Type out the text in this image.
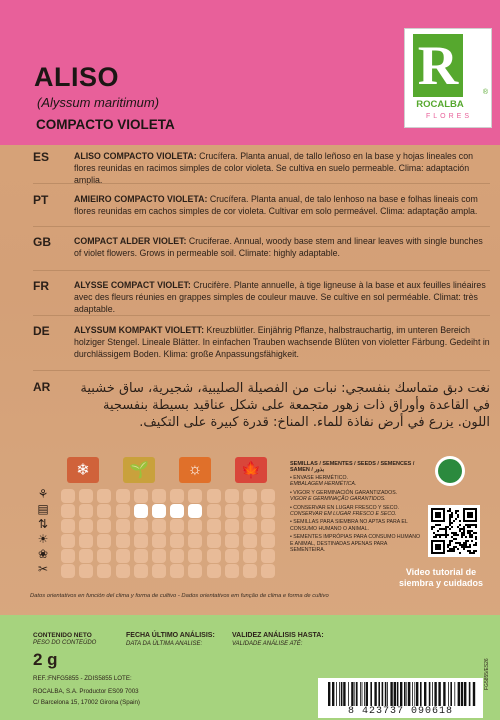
ALISO
(Alyssum maritimum)
COMPACTO VIOLETA
R	®
ROCALBA
FLORES
ES	ALISO COMPACTO VIOLETA: Crucífera. Planta anual, de tallo leñoso en la base y hojas lineales con flores reunidas en racimos simples de color violeta. Se cultiva en suelo permeable. Clima: adaptación amplia.
PT	AMIEIRO COMPACTO VIOLETA: Crucífera. Planta anual, de talo lenhoso na base e folhas lineais com flores reunidas em cachos simples de cor violeta. Cultivar em solo permeável. Clima: adaptação ampla.
GB	COMPACT ALDER VIOLET: Cruciferae. Annual, woody base stem and linear leaves with single bunches of violet flowers. Grows in permeable soil. Climate: highly adaptable.
FR	ALYSSE COMPACT VIOLET: Crucifère. Plante annuelle, à tige ligneuse à la base et aux feuilles linéaires avec des fleurs réunies en grappes simples de couleur mauve. Se cultive en sol perméable. Climat: très adaptable.
DE	ALYSSUM KOMPAKT VIOLETT: Kreuzblütler. Einjährig Pflanze, halbstrauchartig, im unteren Bereich holziger Stengel. Lineale Blätter. In einfachen Trauben wachsende Blüten von violetter Färbung. Gedeiht in durchlässigem Boden. Klima: große Anpassungsfähigkeit.
AR	نغت دبق متماسك بنفسجي: نبات من الفصيلة الصليبية، شجيرية، ساق خشبية في القاعدة وأوراق ذات زهور متجمعة على شكل عناقيد بسيطة بنفسجية اللون. يزرع في أرض نفاذة للماء. المناخ: قدرة كبيرة على التكيف.
❄	🌱	☼	🍁
⚘
▤
⇅
☀
❀
✂
SEMILLAS / SEMENTES / SEEDS / SEMENCES / SAMEN / بذور
• ENVASE HERMÉTICO.
EMBALAGEM HERMÉTICA.
• VIGOR Y GERMINACIÓN GARANTIZADOS.
VIGOR E GERMINAÇÃO GARANTIDOS.
• CONSERVAR EN LUGAR FRESCO Y SECO.
CONSERVAR EM LUGAR FRESCO E SECO.
• SEMILLAS PARA SIEMBRA NO APTAS PARA EL CONSUMO HUMANO O ANIMAL.
• SEMENTES IMPRÓPIAS PARA CONSUMO HUMANO E ANIMAL, DESTINADAS APENAS PARA SEMENTEIRA.
Video tutorial de
siembra y cuidados
Datos orientativos en función del clima y forma de cultivo - Dados orientativos em função de clima e forma de cultivo
CONTENIDO NETO
PESO DO CONTEÚDO
2 g
FECHA ÚLTIMO ANÁLISIS:
DATA DA ÚLTIMA ANALISE:
VALIDEZ ANÁLISIS HASTA:
VALIDADE ANÁLISE ATÉ:
REF.:FNFG5855 - ZDIS5855 LOTE:
ROCALBA, S.A. Productor ES09 7003
C/ Barcelona 15, 17002 Girona (Spain)
8 423737 090618
FG5855/ES26
